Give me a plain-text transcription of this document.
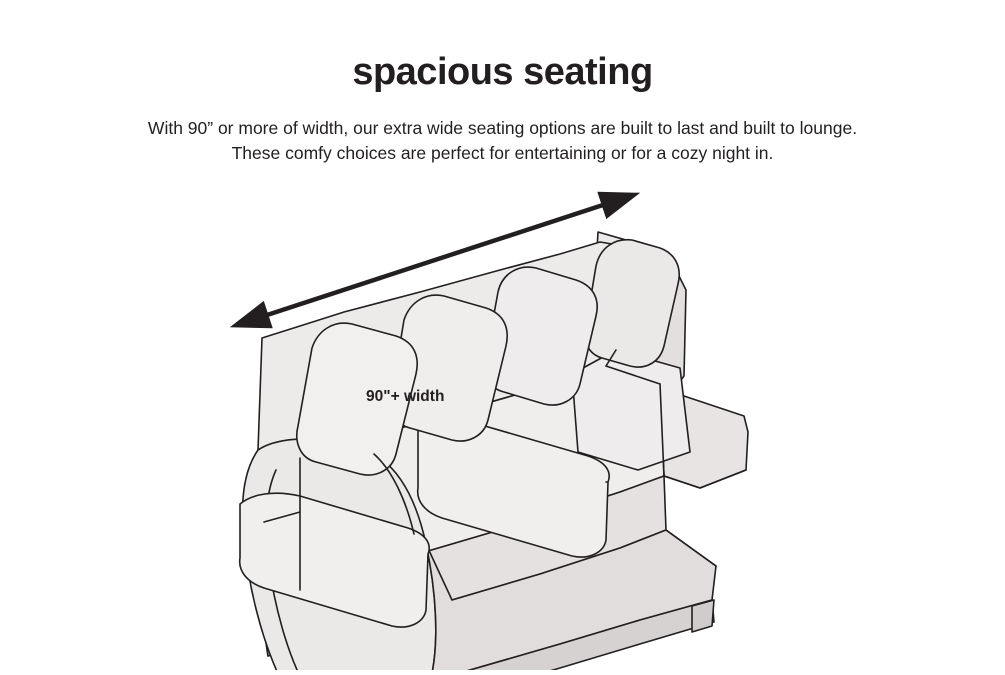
spacious seating
With 90” or more of width, our extra wide seating options are built to last and built to lounge.
These comfy choices are perfect for entertaining or for a cozy night in.
90"+ width
